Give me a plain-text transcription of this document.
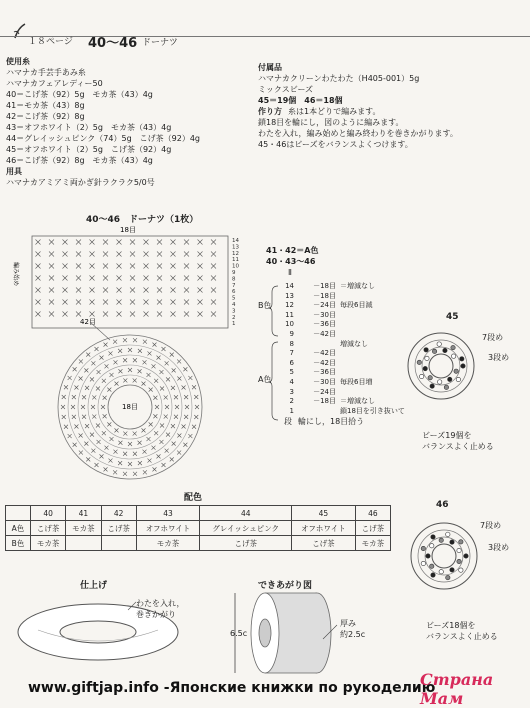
１８ページ 40～46 ドーナツ
使用糸
ハマナカ手芸手あみ糸
ハマナカフェアレディー50
40＝こげ茶（92）5g　モカ茶（43）4g
41＝モカ茶（43）8g
42＝こげ茶（92）8g
43＝オフホワイト（2）5g　モカ茶（43）4g
44＝グレイッシュピンク（74）5g　こげ茶（92）4g
45＝オフホワイト（2）5g　こげ茶（92）4g
46＝こげ茶（92）8g　モカ茶（43）4g
用具
ハマナカアミアミ両かぎ針ラクラク5/0号
付属品
ハマナカクリーンわたわた（H405-001）5g
ミックスビーズ
45＝19個　46＝18個
作り方 糸は1本どりで編みます。
鎖18目を輪にし，図のように編みます。
わたを入れ，編み始めと編み終わりを巻きかがります。
45・46はビーズをバランスよくつけます。
40～46　ドーナツ（1枚）
18目
編み始め
42目
14
13
12
11
10
9
8
7
6
5
4
3
2
1
18目
41・42＝A色
40・43～46
Ⅱ
B色
A色
14	－18目 ＝増減なし
13	－18目
12	－24目 毎段6目減
11	－30目
10	－36目
9	－42目
8	増減なし
7	－42目
6	－42目
5	－36目
4	－30目 毎段6目増
3	－24目
2	－18目 ＝増減なし
1	鎖18目を引き抜いて
輪にし，18目拾う
段
45
7段め
3段め
ビーズ19個を
バランスよく止める
46
7段め
3段め
ビーズ18個を
バランスよく止める
配色
	40	41	42	43	44	45	46
A色	こげ茶	モカ茶	こげ茶	オフホワイト	グレイッシュピンク	オフホワイト	こげ茶
B色	モカ茶			モカ茶	こげ茶	こげ茶	モカ茶
仕上げ
わたを入れ，
巻きかがり
できあがり図
6.5c
厚み
約2.5c
www.giftjap.info -Японские книжки по рукоделию
Страна Мам
